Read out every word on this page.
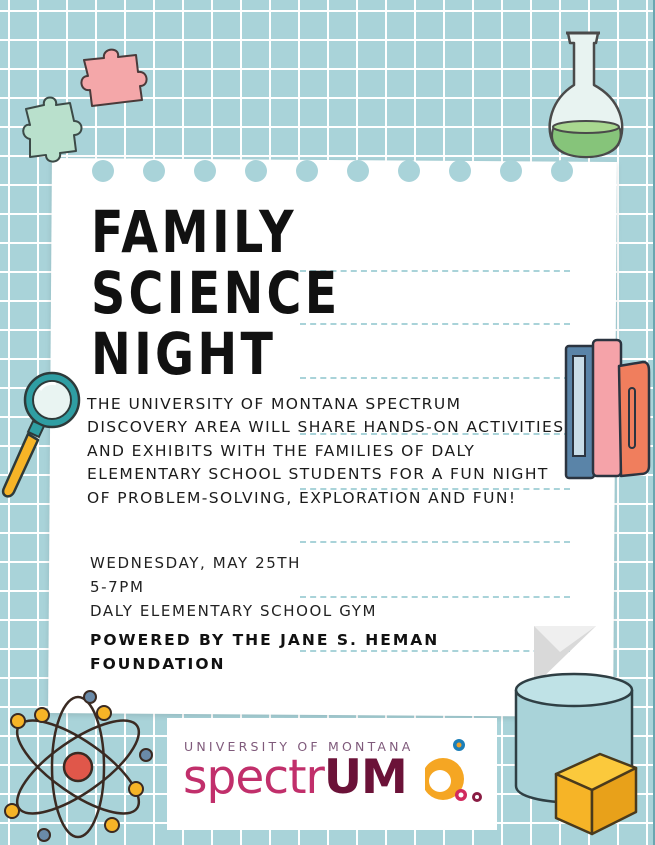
FAMILY
SCIENCE
NIGHT

THE UNIVERSITY OF MONTANA SPECTRUM DISCOVERY AREA WILL SHARE HANDS-ON ACTIVITIES AND EXHIBITS WITH THE FAMILIES OF DALY ELEMENTARY SCHOOL STUDENTS FOR A FUN NIGHT OF PROBLEM-SOLVING, EXPLORATION AND FUN!

WEDNESDAY, MAY 25TH
5-7PM
DALY ELEMENTARY SCHOOL GYM
POWERED BY THE JANE S. HEMAN FOUNDATION
UNIVERSITY OF MONTANA
spectrUM
